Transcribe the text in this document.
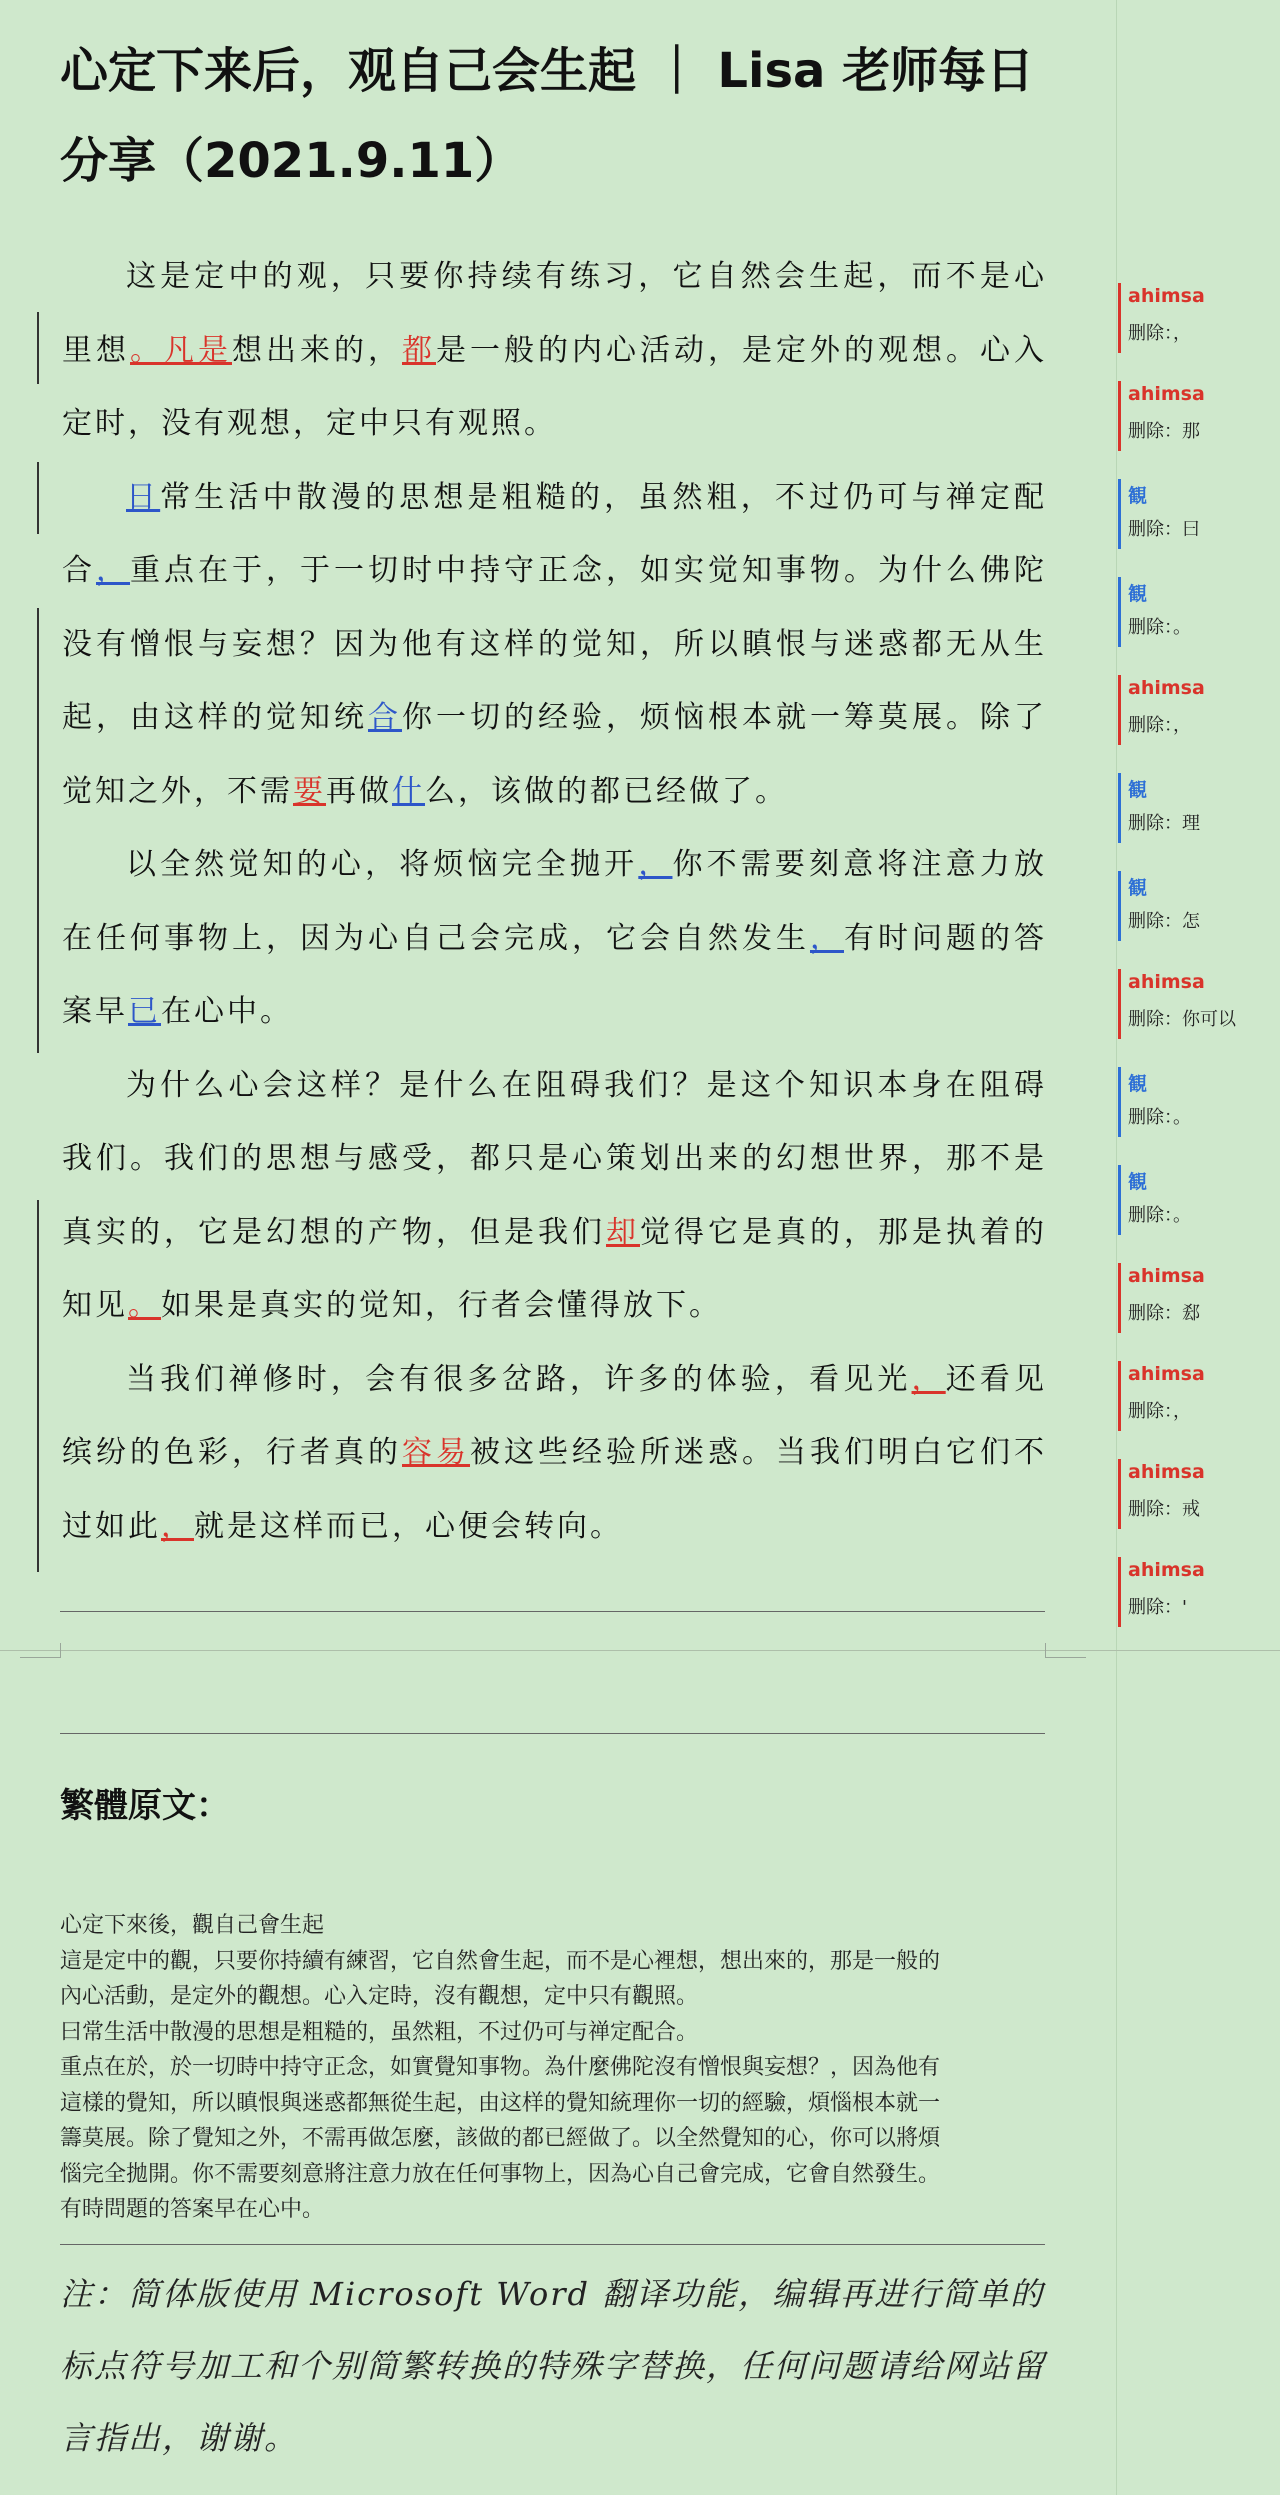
心定下来后，观自己会生起 ｜ Lisa 老师每日分享（2021.9.11）

这是定中的观，只要你持续有练习，它自然会生起，而不是心里想。凡是想出来的，都是一般的内心活动，是定外的观想。心入定时，没有观想，定中只有观照。

日常生活中散漫的思想是粗糙的，虽然粗，不过仍可与禅定配合，重点在于，于一切时中持守正念，如实觉知事物。为什么佛陀没有憎恨与妄想？因为他有这样的觉知，所以瞋恨与迷惑都无从生起，由这样的觉知统合你一切的经验，烦恼根本就一筹莫展。除了觉知之外，不需要再做什么，该做的都已经做了。

以全然觉知的心，将烦恼完全抛开，你不需要刻意将注意力放在任何事物上，因为心自己会完成，它会自然发生，有时问题的答案早已在心中。

为什么心会这样？是什么在阻碍我们？是这个知识本身在阻碍我们。我们的思想与感受，都只是心策划出来的幻想世界，那不是真实的，它是幻想的产物，但是我们却觉得它是真的，那是执着的知见。如果是真实的觉知，行者会懂得放下。

当我们禅修时，会有很多岔路，许多的体验，看见光，还看见缤纷的色彩，行者真的容易被这些经验所迷惑。当我们明白它们不过如此，就是这样而已，心便会转向。

ahimsa
删除：，
ahimsa
删除：那
観
删除：曰
観
删除：。
ahimsa
删除：，
観
删除：理
観
删除：怎
ahimsa
删除：你可以
観
删除：。
観
删除：。
ahimsa
删除：郄
ahimsa
删除：，
ahimsa
删除：戒
ahimsa
删除：'
繁體原文：
心定下來後，觀自己會生起
這是定中的觀，只要你持續有練習，它自然會生起，而不是心裡想，想出來的，那是一般的
內心活動，是定外的觀想。心入定時，沒有觀想，定中只有觀照。
曰常生活中散漫的思想是粗糙的，虽然粗，不过仍可与禅定配合。
重点在於，於一切時中持守正念，如實覺知事物。為什麼佛陀沒有憎恨與妄想？，因為他有
這樣的覺知，所以瞋恨與迷惑都無從生起，由这样的覺知統理你一切的經驗，煩惱根本就一
籌莫展。除了覺知之外，不需再做怎麼，該做的都已經做了。以全然覺知的心，你可以將煩
惱完全拋開。你不需要刻意將注意力放在任何事物上，因為心自己會完成，它會自然發生。
有時問題的答案早在心中。
注：简体版使用 Microsoft Word 翻译功能，编辑再进行简单的标点符号加工和个别简繁转换的特殊字替换，任何问题请给网站留言指出，谢谢。
